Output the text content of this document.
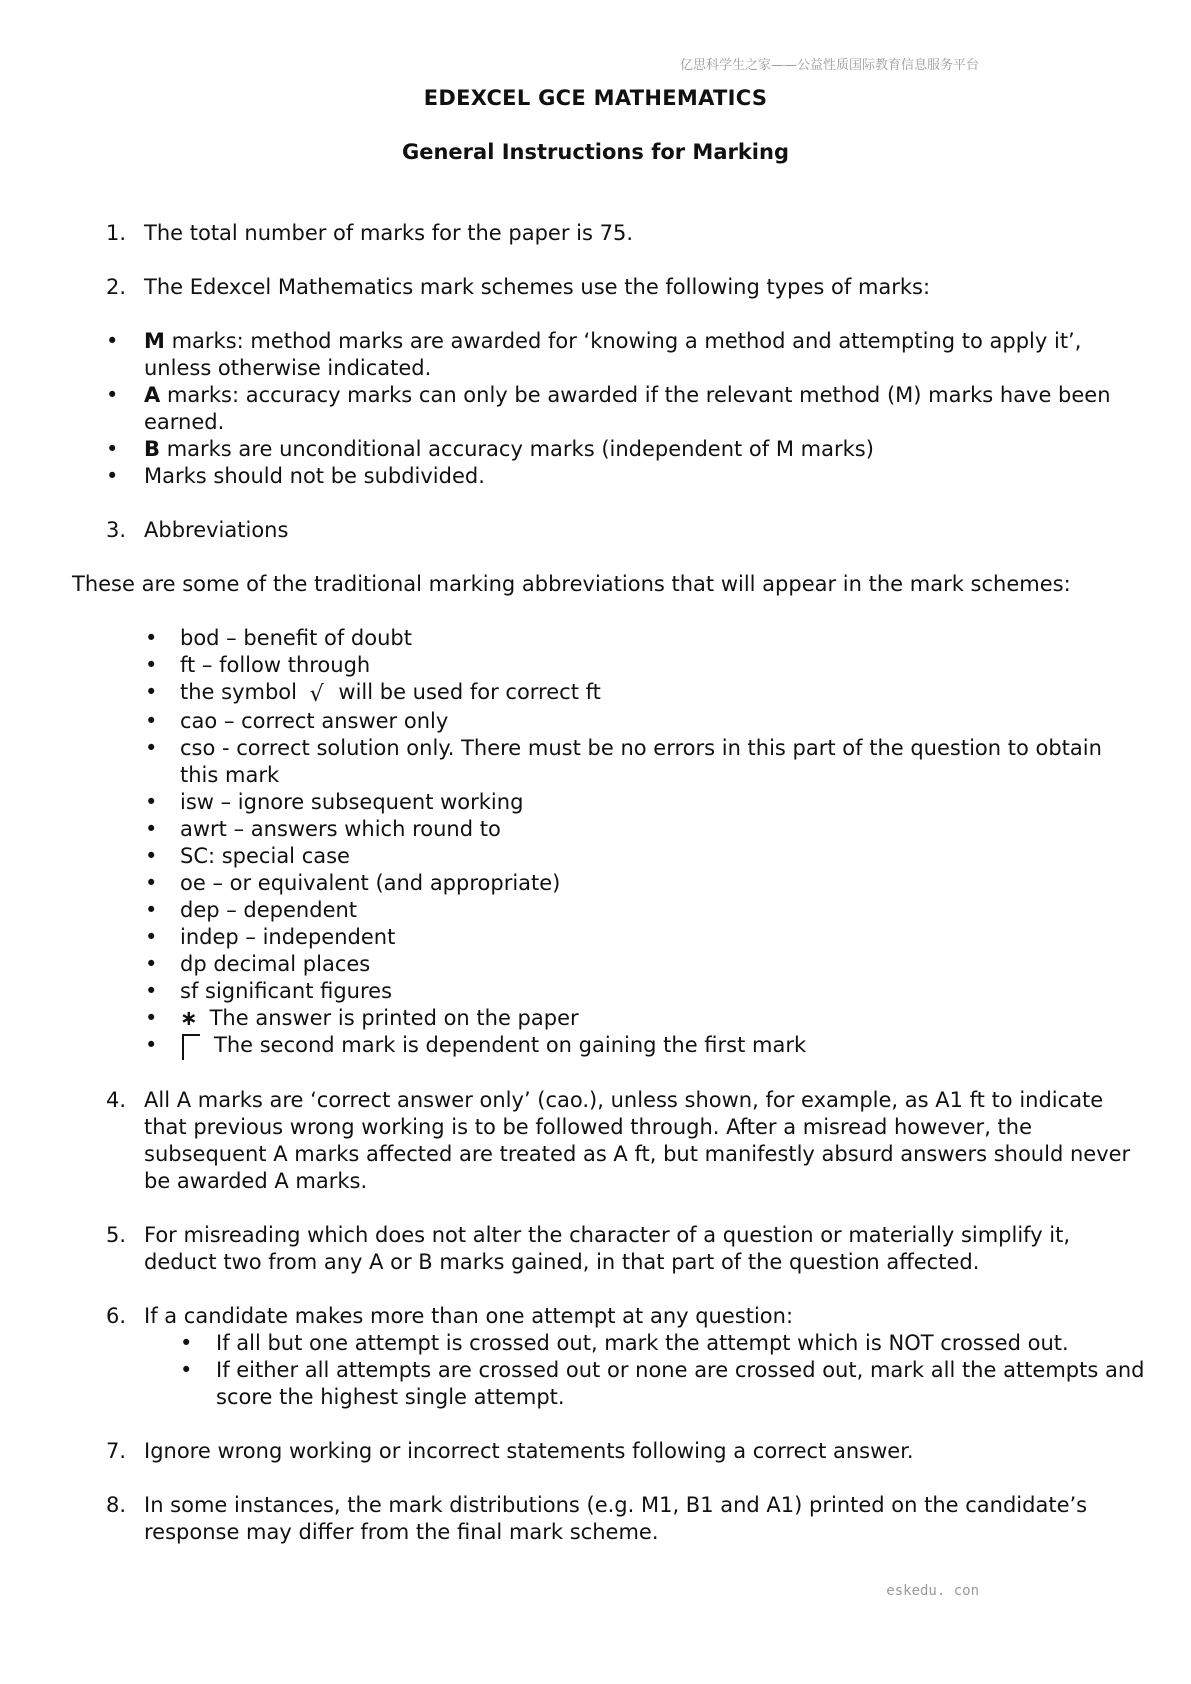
亿思科学生之家——公益性质国际教育信息服务平台
EDEXCEL GCE MATHEMATICS
General Instructions for Marking
1. The total number of marks for the paper is 75.
2. The Edexcel Mathematics mark schemes use the following types of marks:
• M marks: method marks are awarded for ‘knowing a method and attempting to apply it’, unless otherwise indicated.
• A marks: accuracy marks can only be awarded if the relevant method (M) marks have been earned.
• B marks are unconditional accuracy marks (independent of M marks)
• Marks should not be subdivided.
3. Abbreviations
These are some of the traditional marking abbreviations that will appear in the mark schemes:
• bod – benefit of doubt
• ft – follow through
• the symbol √ will be used for correct ft
• cao – correct answer only
• cso - correct solution only. There must be no errors in this part of the question to obtain this mark
• isw – ignore subsequent working
• awrt – answers which round to
• SC: special case
• oe – or equivalent (and appropriate)
• dep – dependent
• indep – independent
• dp decimal places
• sf significant figures
• ∗ The answer is printed on the paper
• The second mark is dependent on gaining the first mark
4. All A marks are ‘correct answer only’ (cao.), unless shown, for example, as A1 ft to indicate that previous wrong working is to be followed through. After a misread however, the subsequent A marks affected are treated as A ft, but manifestly absurd answers should never be awarded A marks.
5. For misreading which does not alter the character of a question or materially simplify it, deduct two from any A or B marks gained, in that part of the question affected.
6. If a candidate makes more than one attempt at any question:
• If all but one attempt is crossed out, mark the attempt which is NOT crossed out.
• If either all attempts are crossed out or none are crossed out, mark all the attempts and score the highest single attempt.
7. Ignore wrong working or incorrect statements following a correct answer.
8. In some instances, the mark distributions (e.g. M1, B1 and A1) printed on the candidate’s response may differ from the final mark scheme.
eskedu. con
